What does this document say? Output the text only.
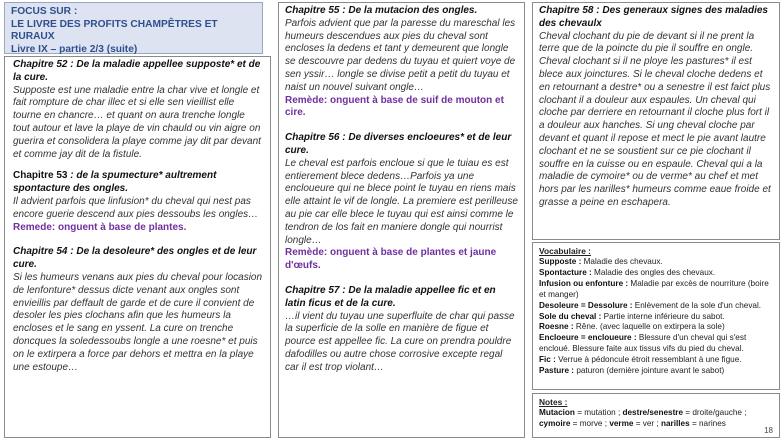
FOCUS SUR :
LE LIVRE DES PROFITS CHAMPÊTRES ET RURAUX
Livre IX – partie 2/3 (suite)

Chapitre 52 : De la maladie appellee supposte* et de la cure.

Supposte est une maladie entre la char vive et longle et fait rompture de char illec et si elle sen vieillist elle tourne en chancre… et quant on aura trenche longle tout autour et lave la playe de vin chauld ou vin aigre on guerira et consolidera la playe comme jay dit par devant et comme jay dit de la fistule.

Chapitre 53 : de la spumecture* aultrement spontacture des ongles.

Il advient parfois que linfusion* du cheval qui nest pas encore guerie descend aux pies dessoubs les ongles…

Remede: onguent à base de plantes.

Chapitre 54 : De la desoleure* des ongles et de leur cure.

Si les humeurs venans aux pies du cheval pour locasion de lenfonture* dessus dicte venant aux ongles sont envieillis par deffault de garde et de cure il convient de desoler les pies clochans afin que les humeurs la encloses et le sang en yssent. La cure on trenche doncques la soledessoubs longle a une roesne* et puis on le extirpera a force par dehors et mettra en la playe une estoupe…

Chapitre 55 : De la mutacion des ongles.

Parfois advient que par la paresse du mareschal les humeurs descendues aux pies du cheval sont encloses la dedens et tant y demeurent que longle se descouvre par dedens du tuyau et quiert voye de sen yssir… longle se divise petit a petit du tuyau et naist un nouvel suivant ongle…

Remède: onguent à base de suif de mouton et cire.

Chapitre 56 : De diverses encloeures* et de leur cure.

Le cheval est parfois encloue si que le tuiau es est entierement blece dedens…Parfois ya une encloueure qui ne blece point le tuyau en riens mais elle attaint le vif de longle. La premiere est perilleuse au pie car elle blece le tuyau qui est ainsi comme le tendron de los fait en maniere dongle qui nourrist longle…

Remède: onguent à base de plantes et jaune d'œufs.

Chapitre 57 : De la maladie appellee fic et en latin ficus et de la cure.

…il vient du tuyau une superfluite de char qui passe la superficie de la solle en manière de figue et pource est appellee fic. La cure on prendra pouldre dafodilles ou autre chose corrosive excepte regal car il est trop violant…

Chapitre 58 : Des generaux signes des maladies des chevaulx

Cheval clochant du pie de devant si il ne prent la terre que de la poincte du pie il souffre en ongle. Cheval clochant si il ne ploye les pastures* il est blece aux joinctures. Si le cheval cloche dedens et en retournant a destre* ou a senestre il est faict plus clochant il a douleur aux espaules. Un cheval qui cloche par derriere en retournant il cloche plus fort il a douleur aux hanches. Si ung cheval cloche par devant et quant il repose et mect le pie avant lautre clochant et ne se soustient sur ce pie clochant il souffre en la cuisse ou en espaule. Cheval qui a la maladie de cymoire* ou de verme* au chef et met hors par les narilles* humeurs comme eaue froide et grasse a peine en eschapera.

Vocabulaire :

Supposte : Maladie des chevaux.

Spontacture : Maladie des ongles des chevaux.

Infusion ou enfonture : Maladie par excès de nourriture (boire et manger)

Desoleure = Dessolure : Enlèvement de la sole d'un cheval.

Sole du cheval : Partie interne inférieure du sabot.

Roesne : Rêne. (avec laquelle on extirpera la sole)

Encloeure = encloueure : Blessure d'un cheval qui s'est encloué. Blessure faite aux tissus vifs du pied du cheval.

Fic : Verrue à pédoncule étroit ressemblant à une figue.

Pasture : paturon (dernière jointure avant le sabot)

Notes :

Mutacion = mutation ; destre/senestre = droite/gauche ;

cymoire = morve ; verme = ver ; narilles = narines

18
